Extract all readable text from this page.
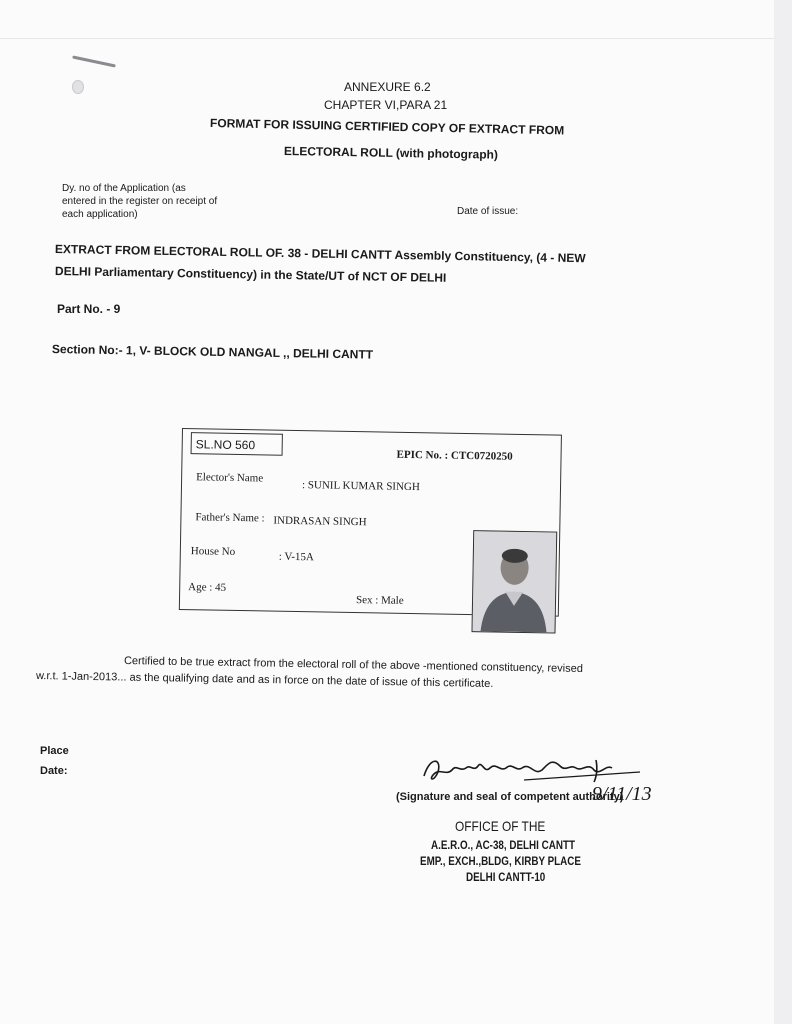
ANNEXURE 6.2
CHAPTER VI,PARA 21
FORMAT FOR ISSUING CERTIFIED COPY OF EXTRACT FROM
ELECTORAL ROLL (with photograph)
Dy. no of the Application (as entered in the register on receipt of each application)	Date of issue:
EXTRACT FROM ELECTORAL ROLL OF. 38 - DELHI CANTT Assembly Constituency, (4 - NEW
DELHI Parliamentary Constituency) in the State/UT of NCT OF DELHI
Part No. - 9
Section No:- 1, V- BLOCK OLD NANGAL ,, DELHI CANTT
SL.NO 560
EPIC No. : CTC0720250
Elector's Name
: SUNIL KUMAR SINGH
Father's Name : INDRASAN SINGH
House No	: V-15A
Age : 45
Sex : Male
Certified to be true extract from the electoral roll of the above -mentioned constituency, revised
w.r.t. 1-Jan-2013... as the qualifying date and as in force on the date of issue of this certificate.
Place
Date:
9/11/13
(Signature and seal of competent authority)
OFFICE OF THE
A.E.R.O., AC-38, DELHI CANTT
EMP., EXCH.,BLDG, KIRBY PLACE
DELHI CANTT-10
